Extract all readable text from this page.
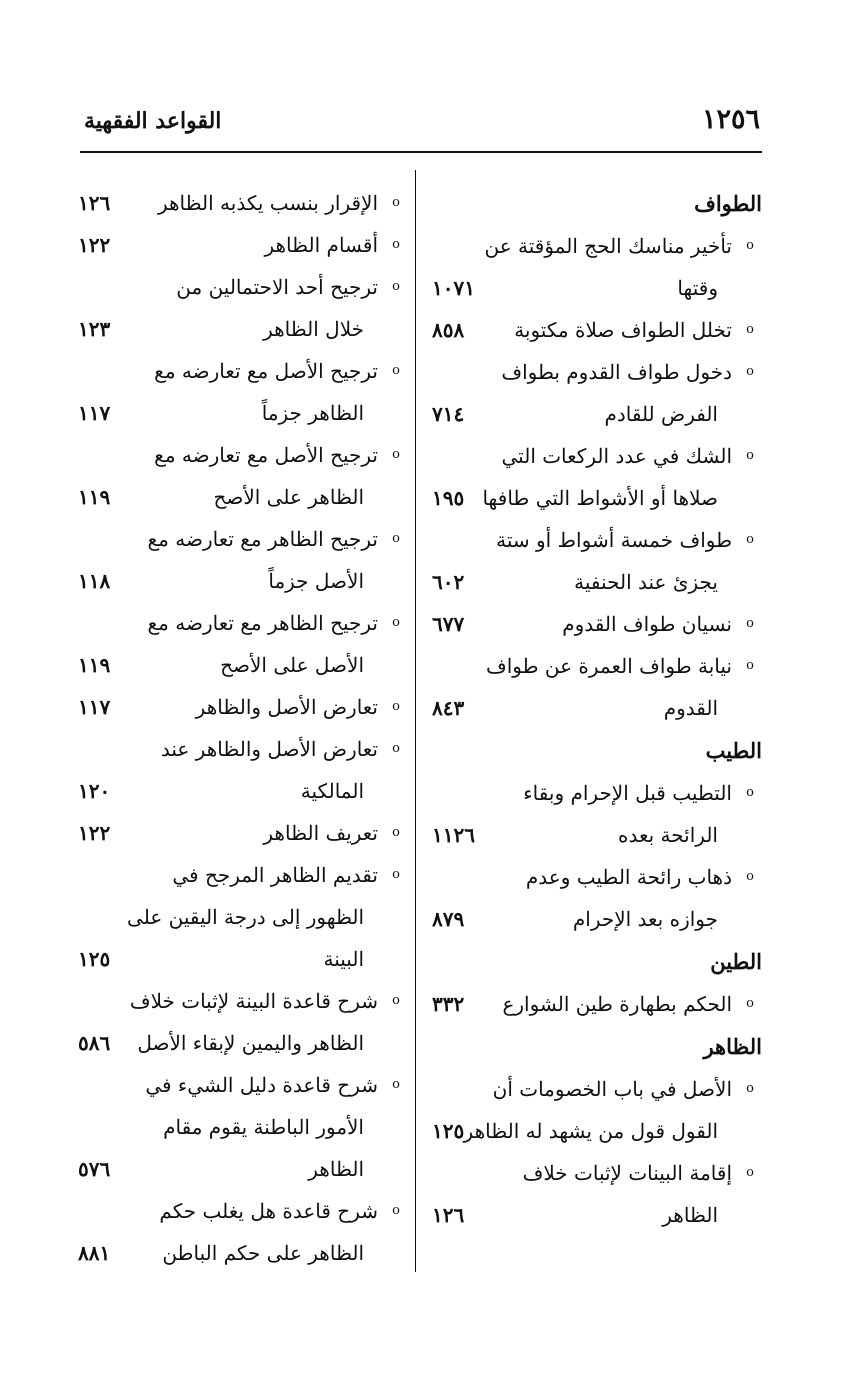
١٢٥٦
القواعد الفقهية
الطواف
o
تأخير مناسك الحج المؤقتة عن
وقتها
١٠٧١
o
تخلل الطواف صلاة مكتوبة
٨٥٨
o
دخول طواف القدوم بطواف
الفرض للقادم
٧١٤
o
الشك في عدد الركعات التي
صلاها أو الأشواط التي طافها
١٩٥
o
طواف خمسة أشواط أو ستة
يجزئ عند الحنفية
٦٠٢
o
نسيان طواف القدوم
٦٧٧
o
نيابة طواف العمرة عن طواف
القدوم
٨٤٣
الطيب
o
التطيب قبل الإحرام وبقاء
الرائحة بعده
١١٢٦
o
ذهاب رائحة الطيب وعدم
جوازه بعد الإحرام
٨٧٩
الطين
o
الحكم بطهارة طين الشوارع
٣٣٢
الظاهر
o
الأصل في باب الخصومات أن
القول قول من يشهد له الظاهر
١٢٥
o
إقامة البينات لإثبات خلاف
الظاهر
١٢٦
o
الإقرار بنسب يكذبه الظاهر
١٢٦
o
أقسام الظاهر
١٢٢
o
ترجيح أحد الاحتمالين من
خلال الظاهر
١٢٣
o
ترجيح الأصل مع تعارضه مع
الظاهر جزماً
١١٧
o
ترجيح الأصل مع تعارضه مع
الظاهر على الأصح
١١٩
o
ترجيح الظاهر مع تعارضه مع
الأصل جزماً
١١٨
o
ترجيح الظاهر مع تعارضه مع
الأصل على الأصح
١١٩
o
تعارض الأصل والظاهر
١١٧
o
تعارض الأصل والظاهر عند
المالكية
١٢٠
o
تعريف الظاهر
١٢٢
o
تقديم الظاهر المرجح في
الظهور إلى درجة اليقين على
البينة
١٢٥
o
شرح قاعدة البينة لإثبات خلاف
الظاهر واليمين لإبقاء الأصل
٥٨٦
o
شرح قاعدة دليل الشيء في
الأمور الباطنة يقوم مقام
الظاهر
٥٧٦
o
شرح قاعدة هل يغلب حكم
الظاهر على حكم الباطن
٨٨١
